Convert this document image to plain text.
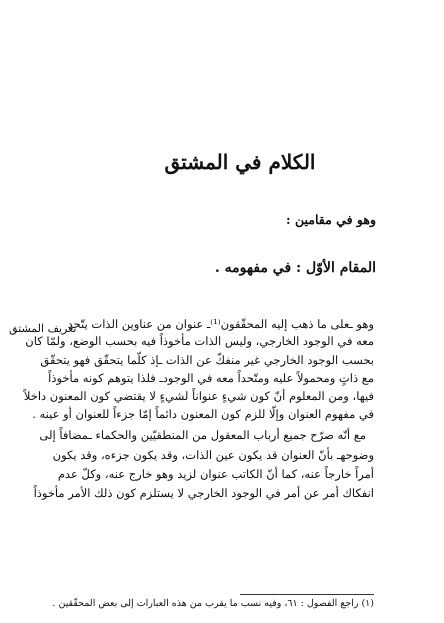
الكلام في المشتق
وهو في مقامين :
المقام الأوّل : في مفهومه .
تعريف المشتق
وهو ـعلى ما ذهب إليه المحقّقون⁽¹⁾ـ عنوان من عناوين الذات يتّحد
معه في الوجود الخارجي، وليس الذات مأخوذاً فيه بحسب الوضع، ولمّا كان
بحسب الوجود الخارجي غير منفكّ عن الذات ـإذ كلّما يتحقّق فهو يتحقّق
مع ذاتٍ ومحمولاً عليه ومتّحداً معه في الوجودـ فلذا يتوهم كونه مأخوذاً
فيها، ومن المعلوم أنّ كون شيءٍ عنواناً لشيءٍ لا يقتضي كون المعنون داخلاً
في مفهوم العنوان وإلّا للزم كون المعنون دائماً إمّا جزءاً للعنوان أو عينه .
مع أنّه صرّح جميع أرباب المعقول من المنطقيّين والحكماء ـمضافاً إلى
وضوحهـ بأنّ العنوان قد يكون عين الذات، وقد يكون جزءه، وقد يكون
أمراً خارجاً عنه، كما أنّ الكاتب عنوان لزيد وهو خارج عنه، وكلّ عدم
انفكاك أمر عن أمر في الوجود الخارجي لا يستلزم كون ذلك الأمر مأخوذاً
(١) راجع الفصول : ٦١، وفيه نسب ما يقرب من هذه العبارات إلى بعض المحقّقين .
